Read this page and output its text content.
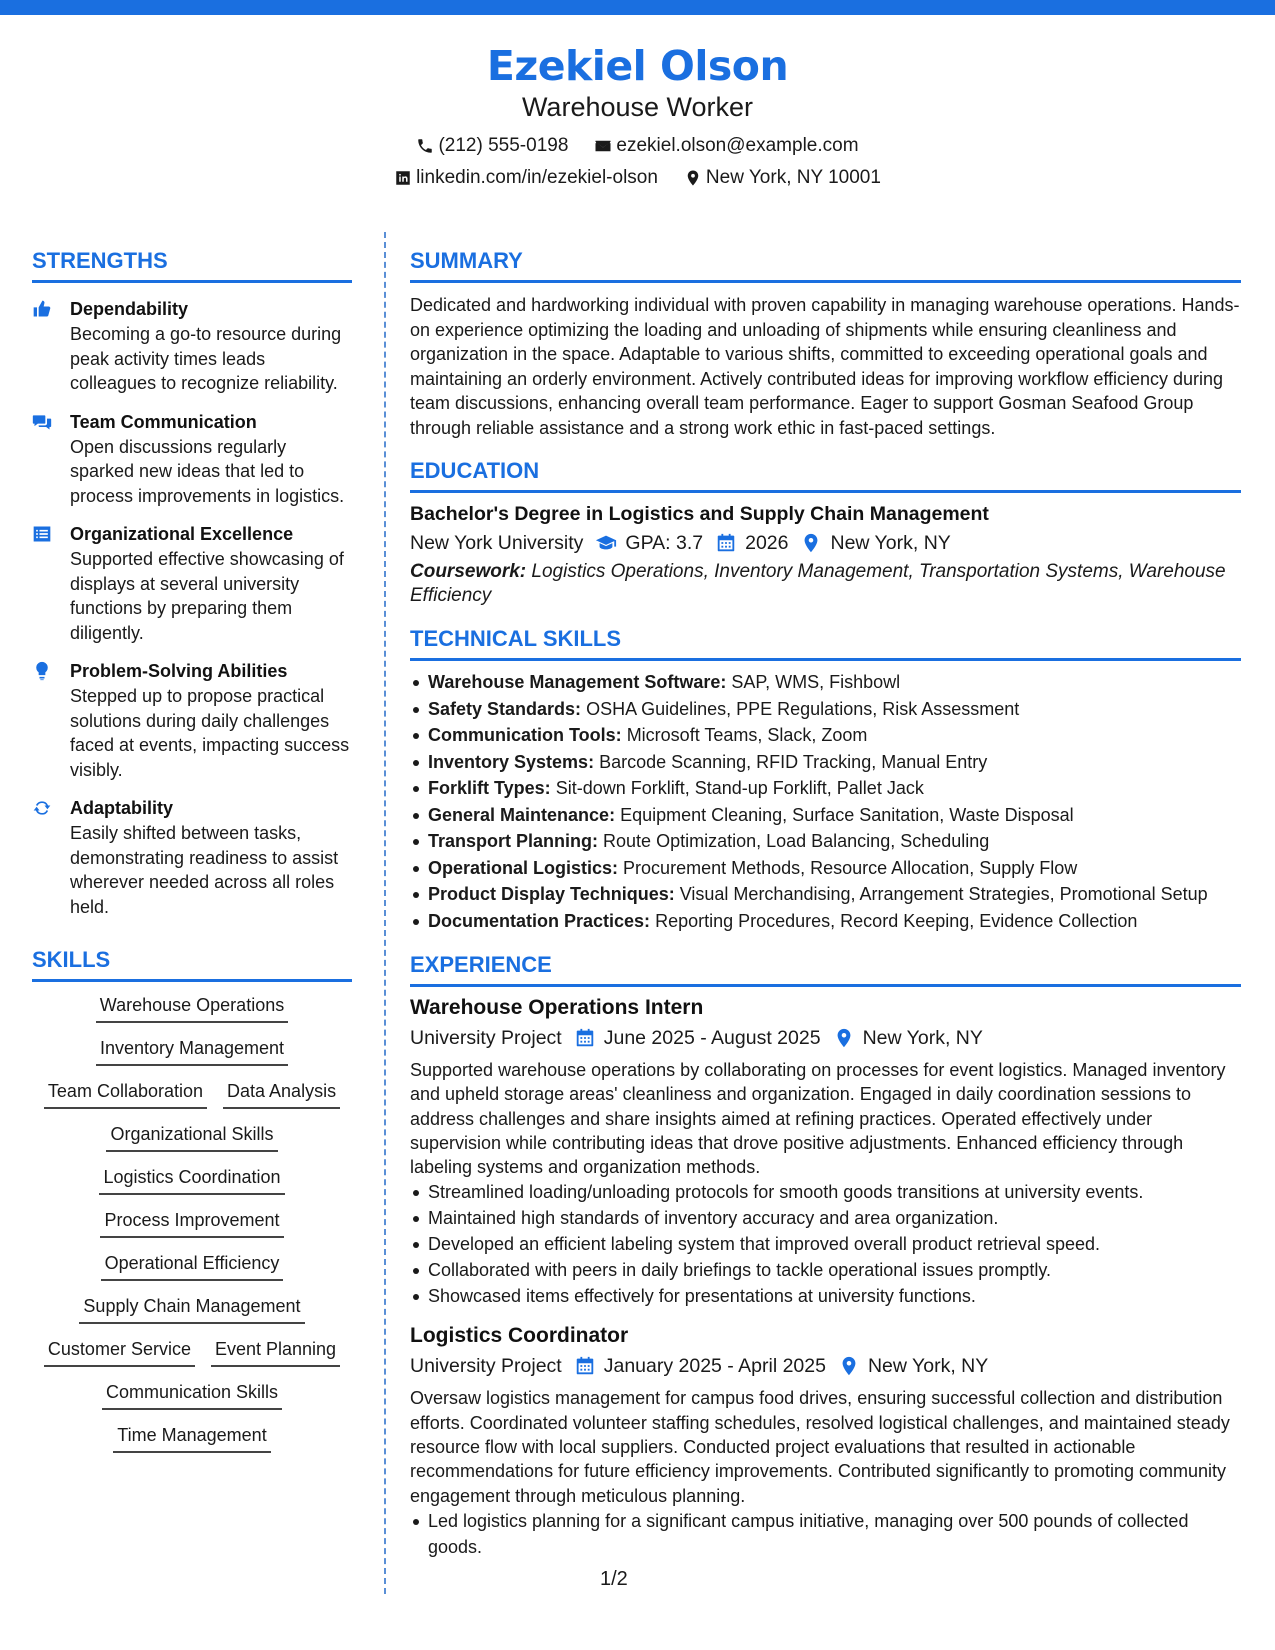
Ezekiel Olson
Warehouse Worker
(212) 555-0198	ezekiel.olson@example.com
linkedin.com/in/ezekiel-olson	New York, NY 10001
STRENGTHS
Dependability
Becoming a go-to resource during peak activity times leads colleagues to recognize reliability.
Team Communication
Open discussions regularly sparked new ideas that led to process improvements in logistics.
Organizational Excellence
Supported effective showcasing of displays at several university functions by preparing them diligently.
Problem-Solving Abilities
Stepped up to propose practical solutions during daily challenges faced at events, impacting success visibly.
Adaptability
Easily shifted between tasks, demonstrating readiness to assist wherever needed across all roles held.
SKILLS
Warehouse Operations
Inventory Management
Team Collaboration Data Analysis
Organizational Skills
Logistics Coordination
Process Improvement
Operational Efficiency
Supply Chain Management
Customer Service Event Planning
Communication Skills
Time Management
SUMMARY
Dedicated and hardworking individual with proven capability in managing warehouse operations. Hands-on experience optimizing the loading and unloading of shipments while ensuring cleanliness and organization in the space. Adaptable to various shifts, committed to exceeding operational goals and maintaining an orderly environment. Actively contributed ideas for improving workflow efficiency during team discussions, enhancing overall team performance. Eager to support Gosman Seafood Group through reliable assistance and a strong work ethic in fast-paced settings.
EDUCATION
Bachelor's Degree in Logistics and Supply Chain Management
New York University GPA: 3.7 2026 New York, NY
Coursework: Logistics Operations, Inventory Management, Transportation Systems, Warehouse Efficiency
TECHNICAL SKILLS
Warehouse Management Software: SAP, WMS, Fishbowl
Safety Standards: OSHA Guidelines, PPE Regulations, Risk Assessment
Communication Tools: Microsoft Teams, Slack, Zoom
Inventory Systems: Barcode Scanning, RFID Tracking, Manual Entry
Forklift Types: Sit-down Forklift, Stand-up Forklift, Pallet Jack
General Maintenance: Equipment Cleaning, Surface Sanitation, Waste Disposal
Transport Planning: Route Optimization, Load Balancing, Scheduling
Operational Logistics: Procurement Methods, Resource Allocation, Supply Flow
Product Display Techniques: Visual Merchandising, Arrangement Strategies, Promotional Setup
Documentation Practices: Reporting Procedures, Record Keeping, Evidence Collection
EXPERIENCE
Warehouse Operations Intern
University Project June 2025 - August 2025 New York, NY
Supported warehouse operations by collaborating on processes for event logistics. Managed inventory and upheld storage areas' cleanliness and organization. Engaged in daily coordination sessions to address challenges and share insights aimed at refining practices. Operated effectively under supervision while contributing ideas that drove positive adjustments. Enhanced efficiency through labeling systems and organization methods.
Streamlined loading/unloading protocols for smooth goods transitions at university events.
Maintained high standards of inventory accuracy and area organization.
Developed an efficient labeling system that improved overall product retrieval speed.
Collaborated with peers in daily briefings to tackle operational issues promptly.
Showcased items effectively for presentations at university functions.
Logistics Coordinator
University Project January 2025 - April 2025 New York, NY
Oversaw logistics management for campus food drives, ensuring successful collection and distribution efforts. Coordinated volunteer staffing schedules, resolved logistical challenges, and maintained steady resource flow with local suppliers. Conducted project evaluations that resulted in actionable recommendations for future efficiency improvements. Contributed significantly to promoting community engagement through meticulous planning.
Led logistics planning for a significant campus initiative, managing over 500 pounds of collected goods.
1/2
